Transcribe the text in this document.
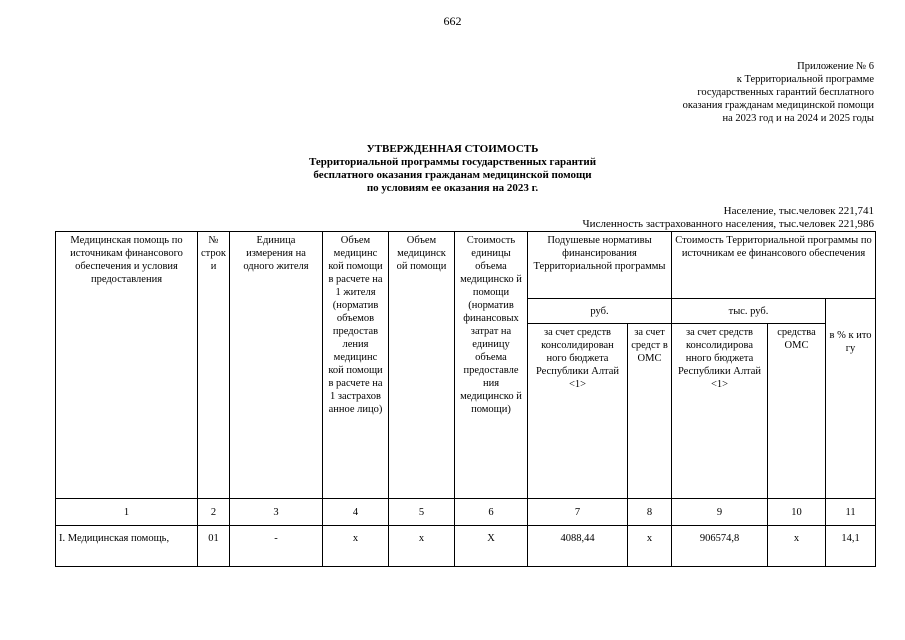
662
Приложение № 6
к Территориальной программе
государственных гарантий бесплатного
оказания гражданам медицинской помощи
на 2023 год и на 2024 и 2025 годы
УТВЕРЖДЕННАЯ СТОИМОСТЬ
Территориальной программы государственных гарантий
бесплатного оказания гражданам медицинской помощи
по условиям ее оказания на 2023 г.
Население, тыс.человек 221,741
Численность застрахованного населения, тыс.человек 221,986
Медицинская помощь по источникам финансового обеспечения и условия предоставления	№ строк и	Единица измерения на одного жителя	Объем медицинс кой помощи в расчете на 1 жителя (норматив объемов предостав ления медицинс кой помощи в расчете на 1 застрахов анное лицо)	Объем медицинск ой помощи	Стоимость единицы объема медицинско й помощи (норматив финансовых затрат на единицу объема предоставле ния медицинско й помощи)	Подушевые нормативы финансирования Территориальной программы		Стоимость Территориальной программы по источникам ее финансового обеспечения		
						руб.		тыс. руб.		в % к ито гу
						за счет средств консолидирован ного бюджета Республики Алтай <1>	за счет средст в ОМС	за счет средств консолидирова нного бюджета Республики Алтай <1>	средства ОМС	
1	2	3	4	5	6	7	8	9	10	11
I. Медицинская помощь,	01	-	х	х	Х	4088,44	х	906574,8	х	14,1
